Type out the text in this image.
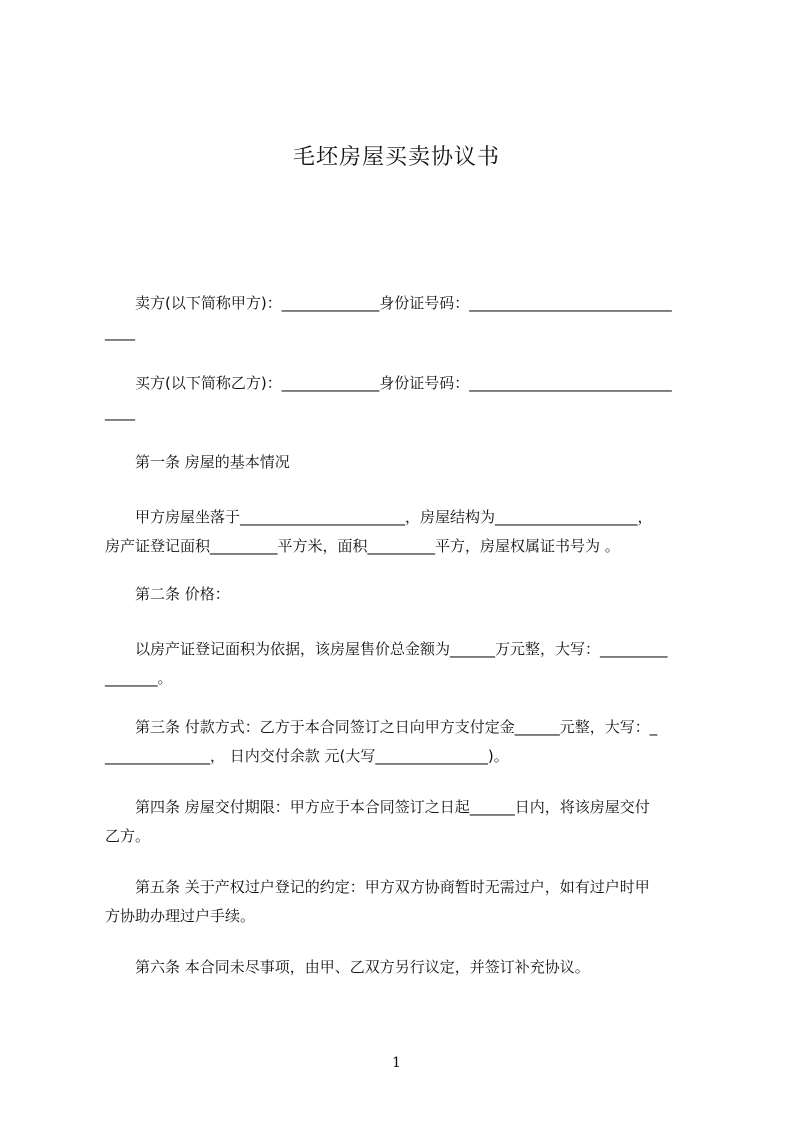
毛坯房屋买卖协议书

　　卖方(以下简称甲方)：_____________身份证号码：___________________________
____

　　买方(以下简称乙方)：_____________身份证号码：___________________________
____

　　第一条 房屋的基本情况

　　甲方房屋坐落于______________________，房屋结构为___________________，
房产证登记面积_________平方米，面积_________平方，房屋权属证书号为 。

　　第二条 价格：

　　以房产证登记面积为依据，该房屋售价总金额为______万元整，大写：_________
_______。

　　第三条 付款方式：乙方于本合同签订之日向甲方支付定金______元整，大写：_
______________， 日内交付余款 元(大写_______________)。

　　第四条 房屋交付期限：甲方应于本合同签订之日起______日内，将该房屋交付
乙方。

　　第五条 关于产权过户登记的约定：甲方双方协商暂时无需过户，如有过户时甲
方协助办理过户手续。

　　第六条 本合同未尽事项，由甲、乙双方另行议定，并签订补充协议。

1
